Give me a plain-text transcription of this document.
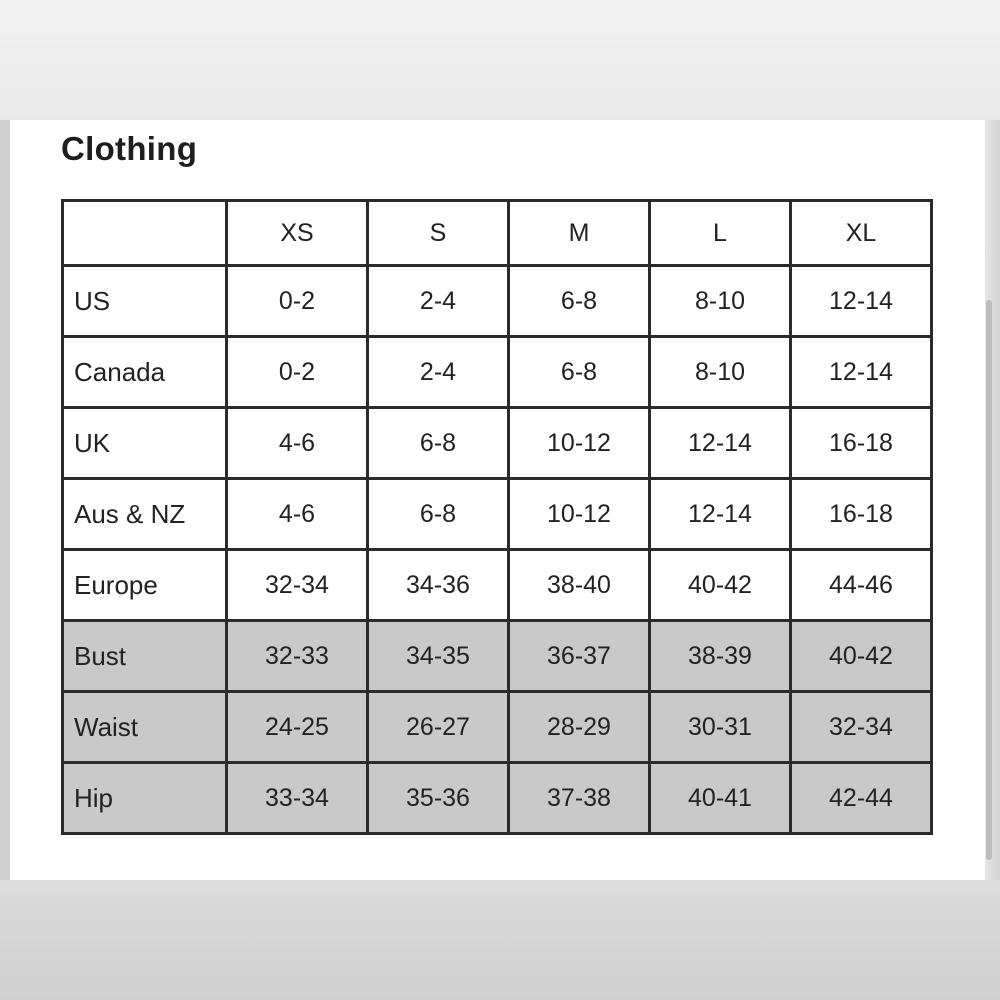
Clothing
	XS	S	M	L	XL
US	0-2	2-4	6-8	8-10	12-14
Canada	0-2	2-4	6-8	8-10	12-14
UK	4-6	6-8	10-12	12-14	16-18
Aus & NZ	4-6	6-8	10-12	12-14	16-18
Europe	32-34	34-36	38-40	40-42	44-46
Bust	32-33	34-35	36-37	38-39	40-42
Waist	24-25	26-27	28-29	30-31	32-34
Hip	33-34	35-36	37-38	40-41	42-44
